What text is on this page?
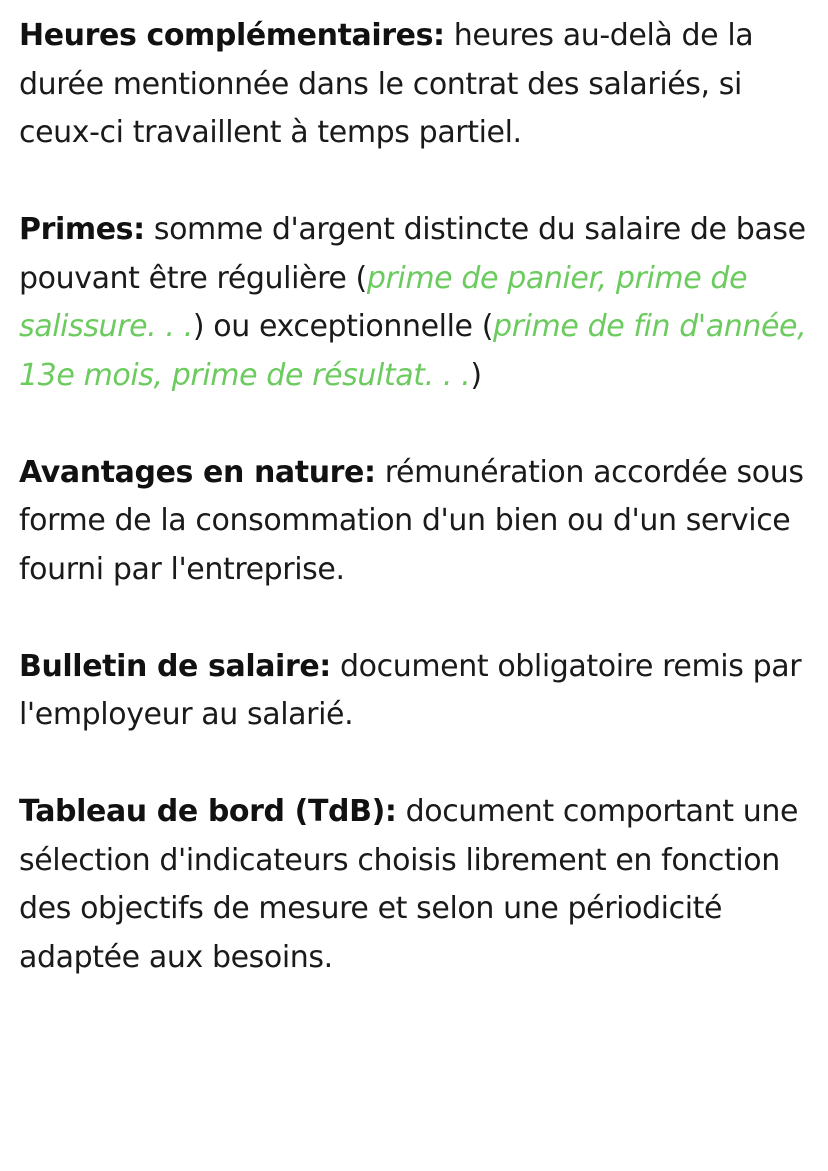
Heures complémentaires: heures au-delà de la durée mentionnée dans le contrat des salariés, si ceux-ci travaillent à temps partiel.

Primes: somme d'argent distincte du salaire de base pouvant être régulière (prime de panier, prime de salissure. . .) ou exceptionnelle (prime de fin d'année, 13e mois, prime de résultat. . .)

Avantages en nature: rémunération accordée sous forme de la consommation d'un bien ou d'un service fourni par l'entreprise.

Bulletin de salaire: document obligatoire remis par l'employeur au salarié.

Tableau de bord (TdB): document comportant une sélection d'indicateurs choisis librement en fonction des objectifs de mesure et selon une périodicité adaptée aux besoins.
